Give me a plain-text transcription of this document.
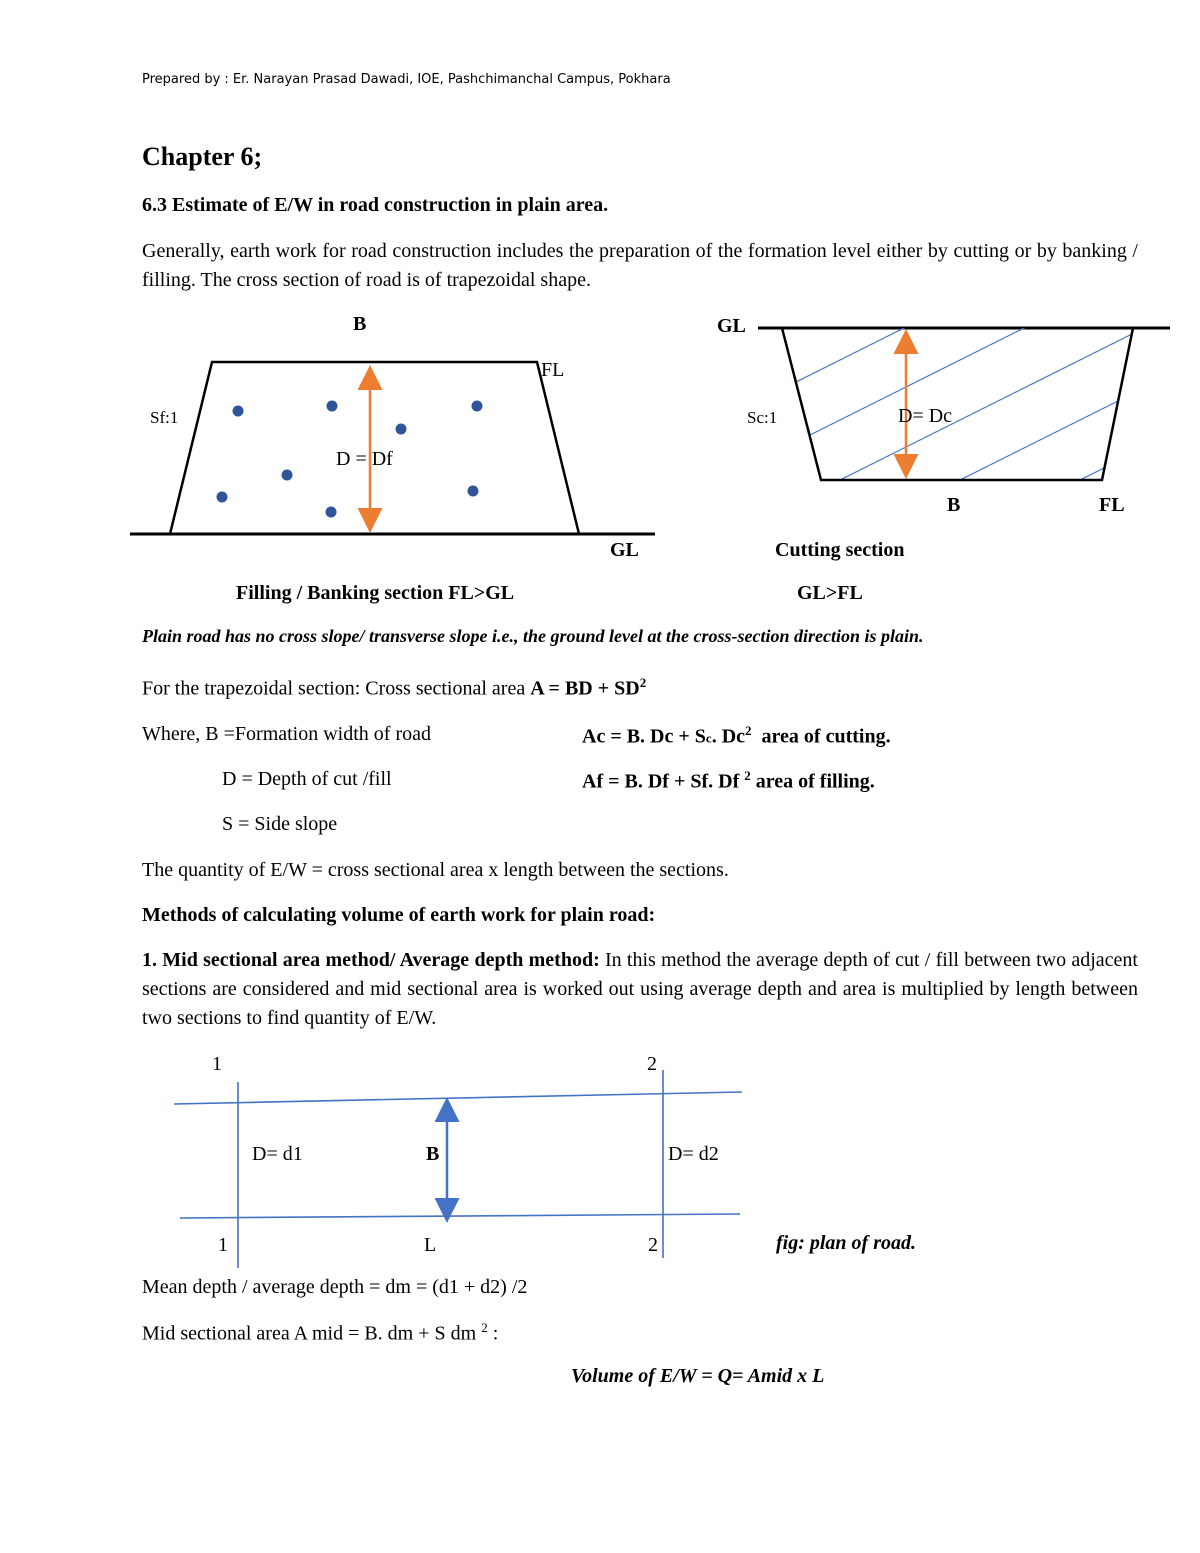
Prepared by : Er. Narayan Prasad Dawadi, IOE, Pashchimanchal Campus, Pokhara
Chapter 6;
6.3 Estimate of E/W in road construction in plain area.
Generally, earth work for road construction includes the preparation of the formation level either by cutting or by banking / filling. The cross section of road is of trapezoidal shape.
B
FL
Sf:1
D = Df
GL
GL
Sc:1	D= Dc
B	FL
Cutting section
Filling / Banking section FL>GL	GL>FL
Plain road has no cross slope/ transverse slope i.e., the ground level at the cross-section direction is plain.
For the trapezoidal section: Cross sectional area A = BD + $SD^2$
Where, B =Formation width of road
D = Depth of cut /fill
S = Side slope
Ac = B. Dc + Sc. Dc$^2$ area of cutting.
Af = B. Df + Sf. Df $^2$ area of filling.
The quantity of E/W = cross sectional area x length between the sections.
Methods of calculating volume of earth work for plain road:
1. Mid sectional area method/ Average depth method: In this method the average depth of cut / fill between two adjacent sections are considered and mid sectional area is worked out using average depth and area is multiplied by length between two sections to find quantity of E/W.
1	2
D= d1	B	D= d2
1	L	2	fig: plan of road.
Mean depth / average depth = dm = (d1 + d2) /2
Mid sectional area A mid = B. dm + S dm $^2$ :
Volume of E/W = Q= Amid x L
